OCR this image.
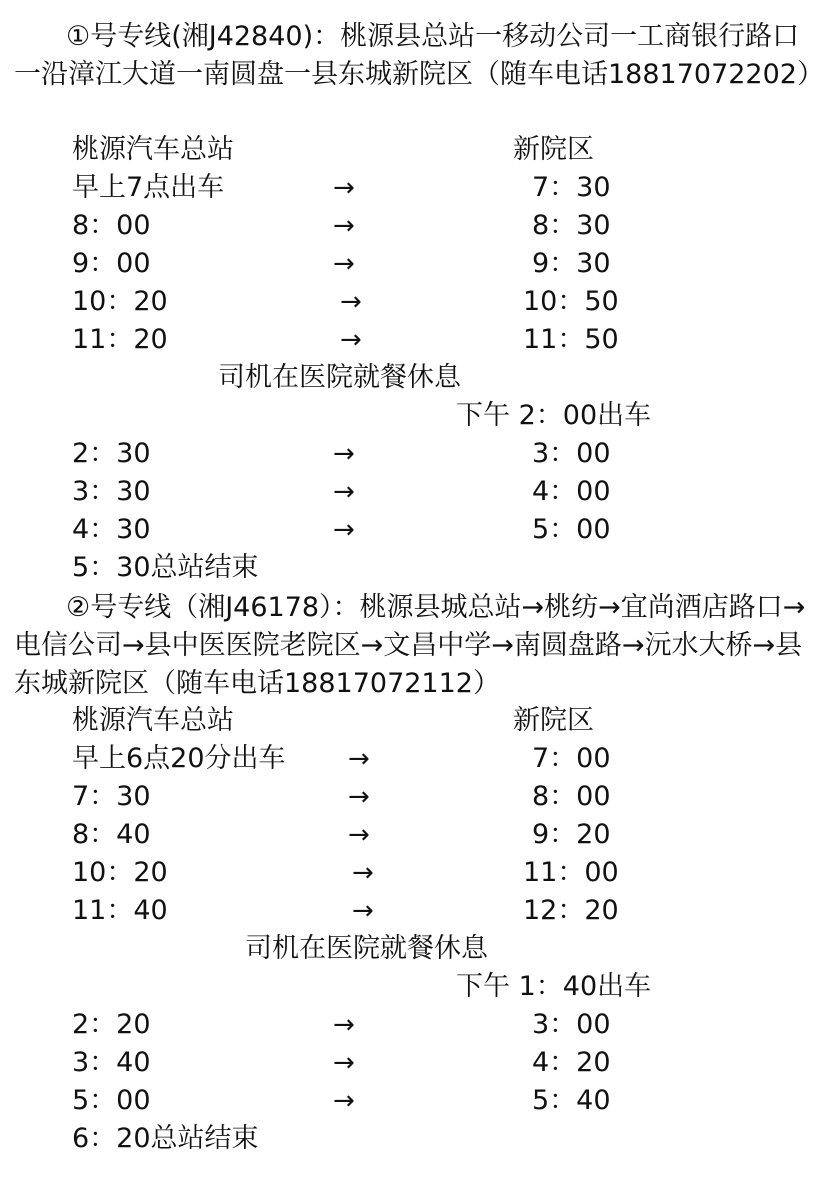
①号专线(湘J42840)：桃源县总站一移动公司一工商银行路口一沿漳江大道一南圆盘一县东城新院区（随车电话18817072202）
桃源汽车总站	新院区
早上7点出车	→	7：30
8：00	→	8：30
9：00	→	9：30
10：20	→	10：50
11：20	→	11：50
司机在医院就餐休息
下午 2：00出车
2：30	→	3：00
3：30	→	4：00
4：30	→	5：00
5：30总站结束
②号专线（湘J46178）：桃源县城总站→桃纺→宜尚酒店路口→电信公司→县中医医院老院区→文昌中学→南圆盘路→沅水大桥→县东城新院区（随车电话18817072112）
桃源汽车总站	新院区
早上6点20分出车 →	7：00
7：30	→	8：00
8：40	→	9：20
10：20	→	11：00
11：40	→	12：20
司机在医院就餐休息
下午 1：40出车
2：20	→	3：00
3：40	→	4：20
5：00	→	5：40
6：20总站结束
